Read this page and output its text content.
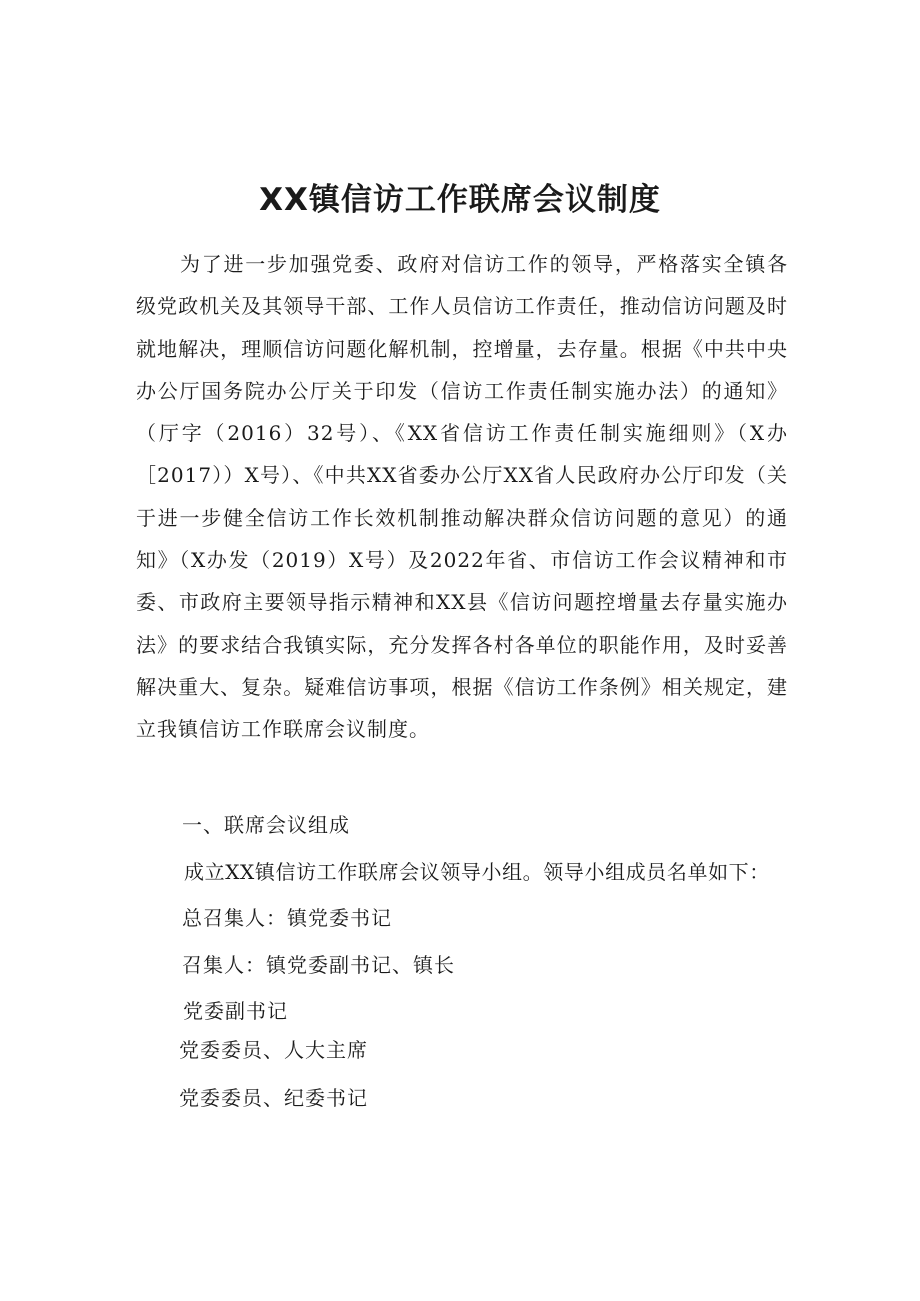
XX镇信访工作联席会议制度

为了进一步加强党委、政府对信访工作的领导，严格落实全镇各级党政机关及其领导干部、工作人员信访工作责任，推动信访问题及时就地解决，理顺信访问题化解机制，控增量，去存量。根据《中共中央办公厅国务院办公厅关于印发（信访工作责任制实施办法）的通知》（厅字（2016）32号）、《XX省信访工作责任制实施细则》（X办［2017））X号）、《中共XX省委办公厅XX省人民政府办公厅印发（关于进一步健全信访工作长效机制推动解决群众信访问题的意见）的通知》（X办发（2019）X号）及2022年省、市信访工作会议精神和市委、市政府主要领导指示精神和XX县《信访问题控增量去存量实施办法》的要求结合我镇实际，充分发挥各村各单位的职能作用，及时妥善解决重大、复杂。疑难信访事项，根据《信访工作条例》相关规定，建立我镇信访工作联席会议制度。

一、联席会议组成

成立XX镇信访工作联席会议领导小组。领导小组成员名单如下：

总召集人：镇党委书记

召集人：镇党委副书记、镇长

党委副书记

党委委员、人大主席

党委委员、纪委书记
